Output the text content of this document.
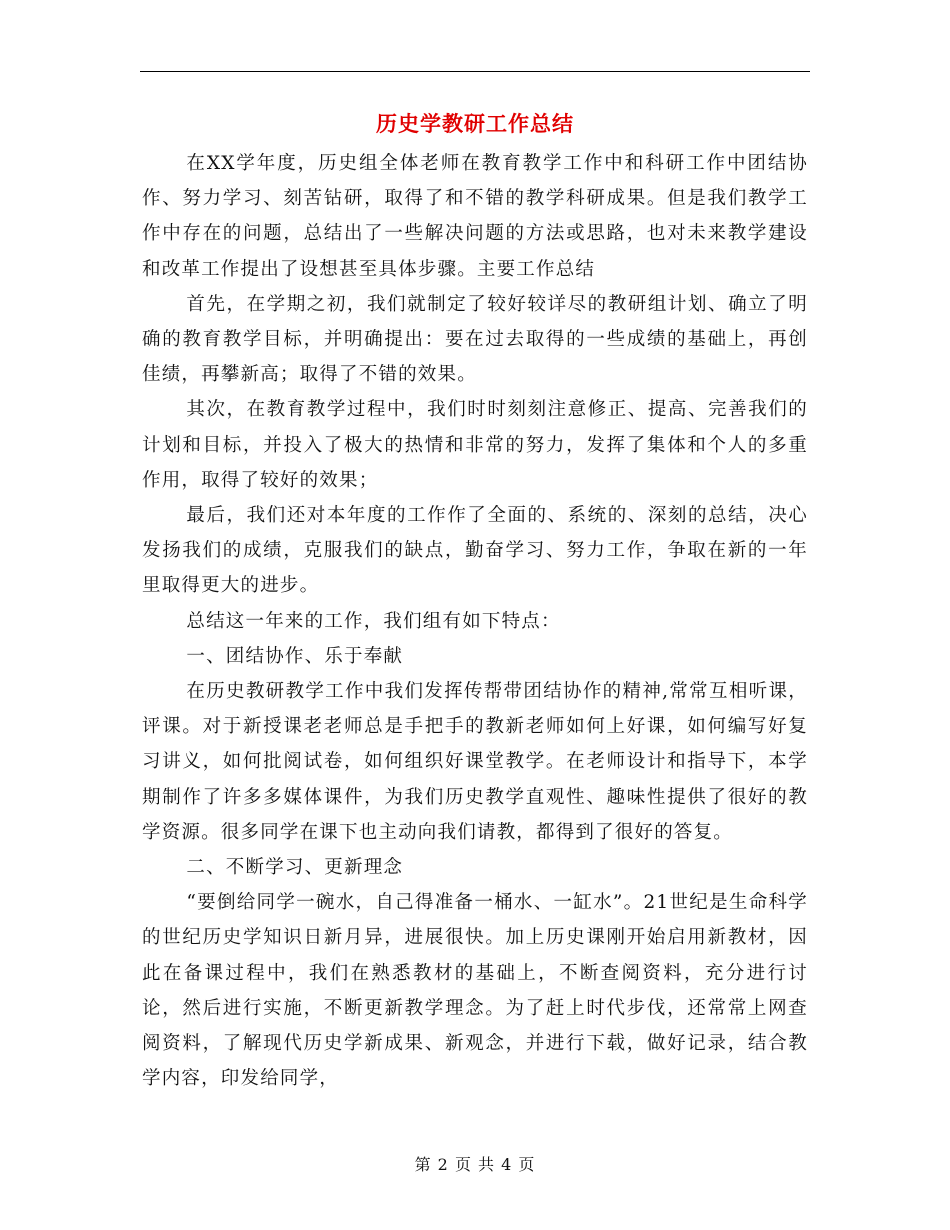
历史学教研工作总结

在XX学年度，历史组全体老师在教育教学工作中和科研工作中团结协作、努力学习、刻苦钻研，取得了和不错的教学科研成果。但是我们教学工作中存在的问题，总结出了一些解决问题的方法或思路，也对未来教学建设和改革工作提出了设想甚至具体步骤。主要工作总结

首先，在学期之初，我们就制定了较好较详尽的教研组计划、确立了明确的教育教学目标，并明确提出：要在过去取得的一些成绩的基础上，再创佳绩，再攀新高；取得了不错的效果。

其次，在教育教学过程中，我们时时刻刻注意修正、提高、完善我们的计划和目标，并投入了极大的热情和非常的努力，发挥了集体和个人的多重作用，取得了较好的效果；

最后，我们还对本年度的工作作了全面的、系统的、深刻的总结，决心发扬我们的成绩，克服我们的缺点，勤奋学习、努力工作，争取在新的一年里取得更大的进步。

总结这一年来的工作，我们组有如下特点：

一、团结协作、乐于奉献

在历史教研教学工作中我们发挥传帮带团结协作的精神,常常互相听课，评课。对于新授课老老师总是手把手的教新老师如何上好课，如何编写好复习讲义，如何批阅试卷，如何组织好课堂教学。在老师设计和指导下，本学期制作了许多多媒体课件，为我们历史教学直观性、趣味性提供了很好的教学资源。很多同学在课下也主动向我们请教，都得到了很好的答复。

二、不断学习、更新理念

“要倒给同学一碗水，自己得准备一桶水、一缸水”。21世纪是生命科学的世纪历史学知识日新月异，进展很快。加上历史课刚开始启用新教材，因此在备课过程中，我们在熟悉教材的基础上，不断查阅资料，充分进行讨论，然后进行实施，不断更新教学理念。为了赶上时代步伐，还常常上网查阅资料，了解现代历史学新成果、新观念，并进行下载，做好记录，结合教学内容，印发给同学，

第 2 页 共 4 页
